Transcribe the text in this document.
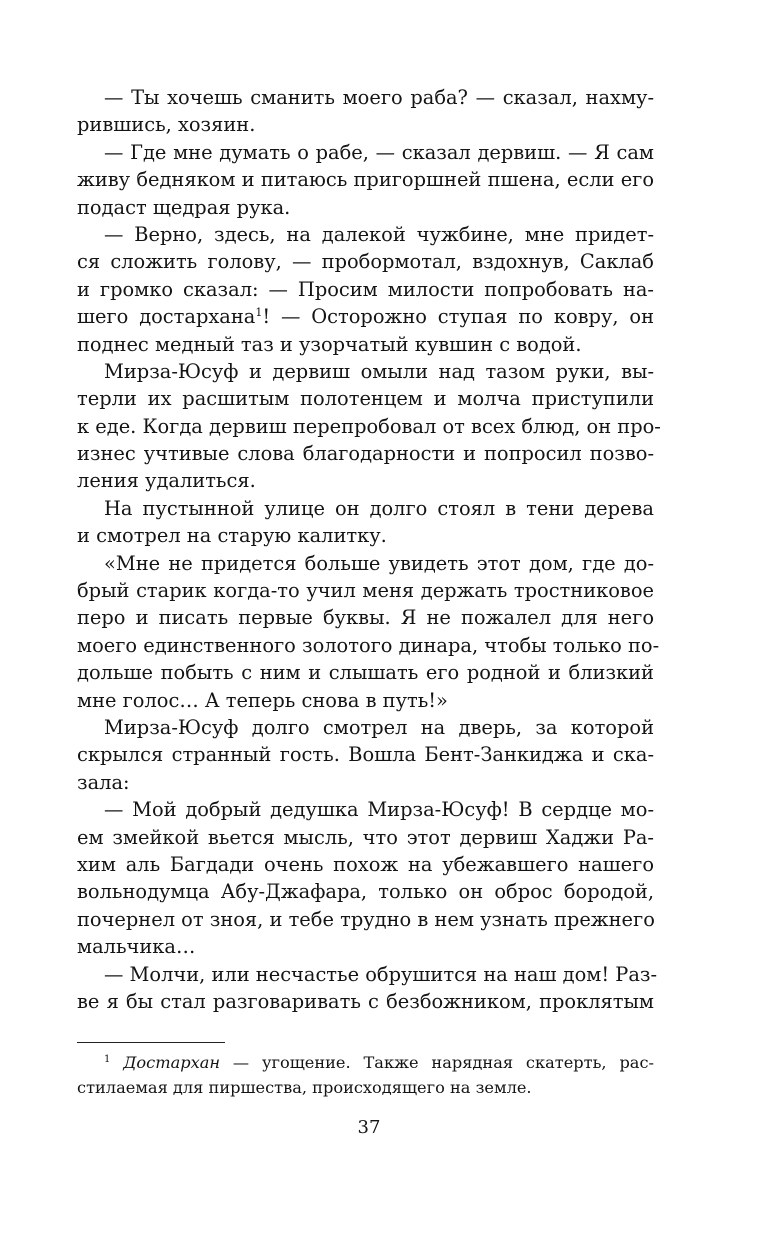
— Ты хочешь сманить моего раба? — сказал, нахму-
рившись, хозяин.
— Где мне думать о рабе, — сказал дервиш. — Я сам
живу бедняком и питаюсь пригоршней пшена, если его
подаст щедрая рука.
— Верно, здесь, на далекой чужбине, мне придет-
ся сложить голову, — пробормотал, вздохнув, Саклаб
и громко сказал: — Просим милости попробовать на-
шего достархана$^1$! — Осторожно ступая по ковру, он
поднес медный таз и узорчатый кувшин с водой.
Мирза-Юсуф и дервиш омыли над тазом руки, вы-
терли их расшитым полотенцем и молча приступили
к еде. Когда дервиш перепробовал от всех блюд, он про-
изнес учтивые слова благодарности и попросил позво-
ления удалиться.
На пустынной улице он долго стоял в тени дерева
и смотрел на старую калитку.
«Мне не придется больше увидеть этот дом, где до-
брый старик когда-то учил меня держать тростниковое
перо и писать первые буквы. Я не пожалел для него
моего единственного золотого динара, чтобы только по-
дольше побыть с ним и слышать его родной и близкий
мне голос… А теперь снова в путь!»
Мирза-Юсуф долго смотрел на дверь, за которой
скрылся странный гость. Вошла Бент-Занкиджа и ска-
зала:
— Мой добрый дедушка Мирза-Юсуф! В сердце мо-
ем змейкой вьется мысль, что этот дервиш Хаджи Ра-
хим аль Багдади очень похож на убежавшего нашего
вольнодумца Абу-Джафара, только он оброс бородой,
почернел от зноя, и тебе трудно в нем узнать прежнего
мальчика…
— Молчи, или несчастье обрушится на наш дом! Раз-
ве я бы стал разговаривать с безбожником, проклятым
$^1$ Достархан — угощение. Также нарядная скатерть, рас-
стилаемая для пиршества, происходящего на земле.
37
